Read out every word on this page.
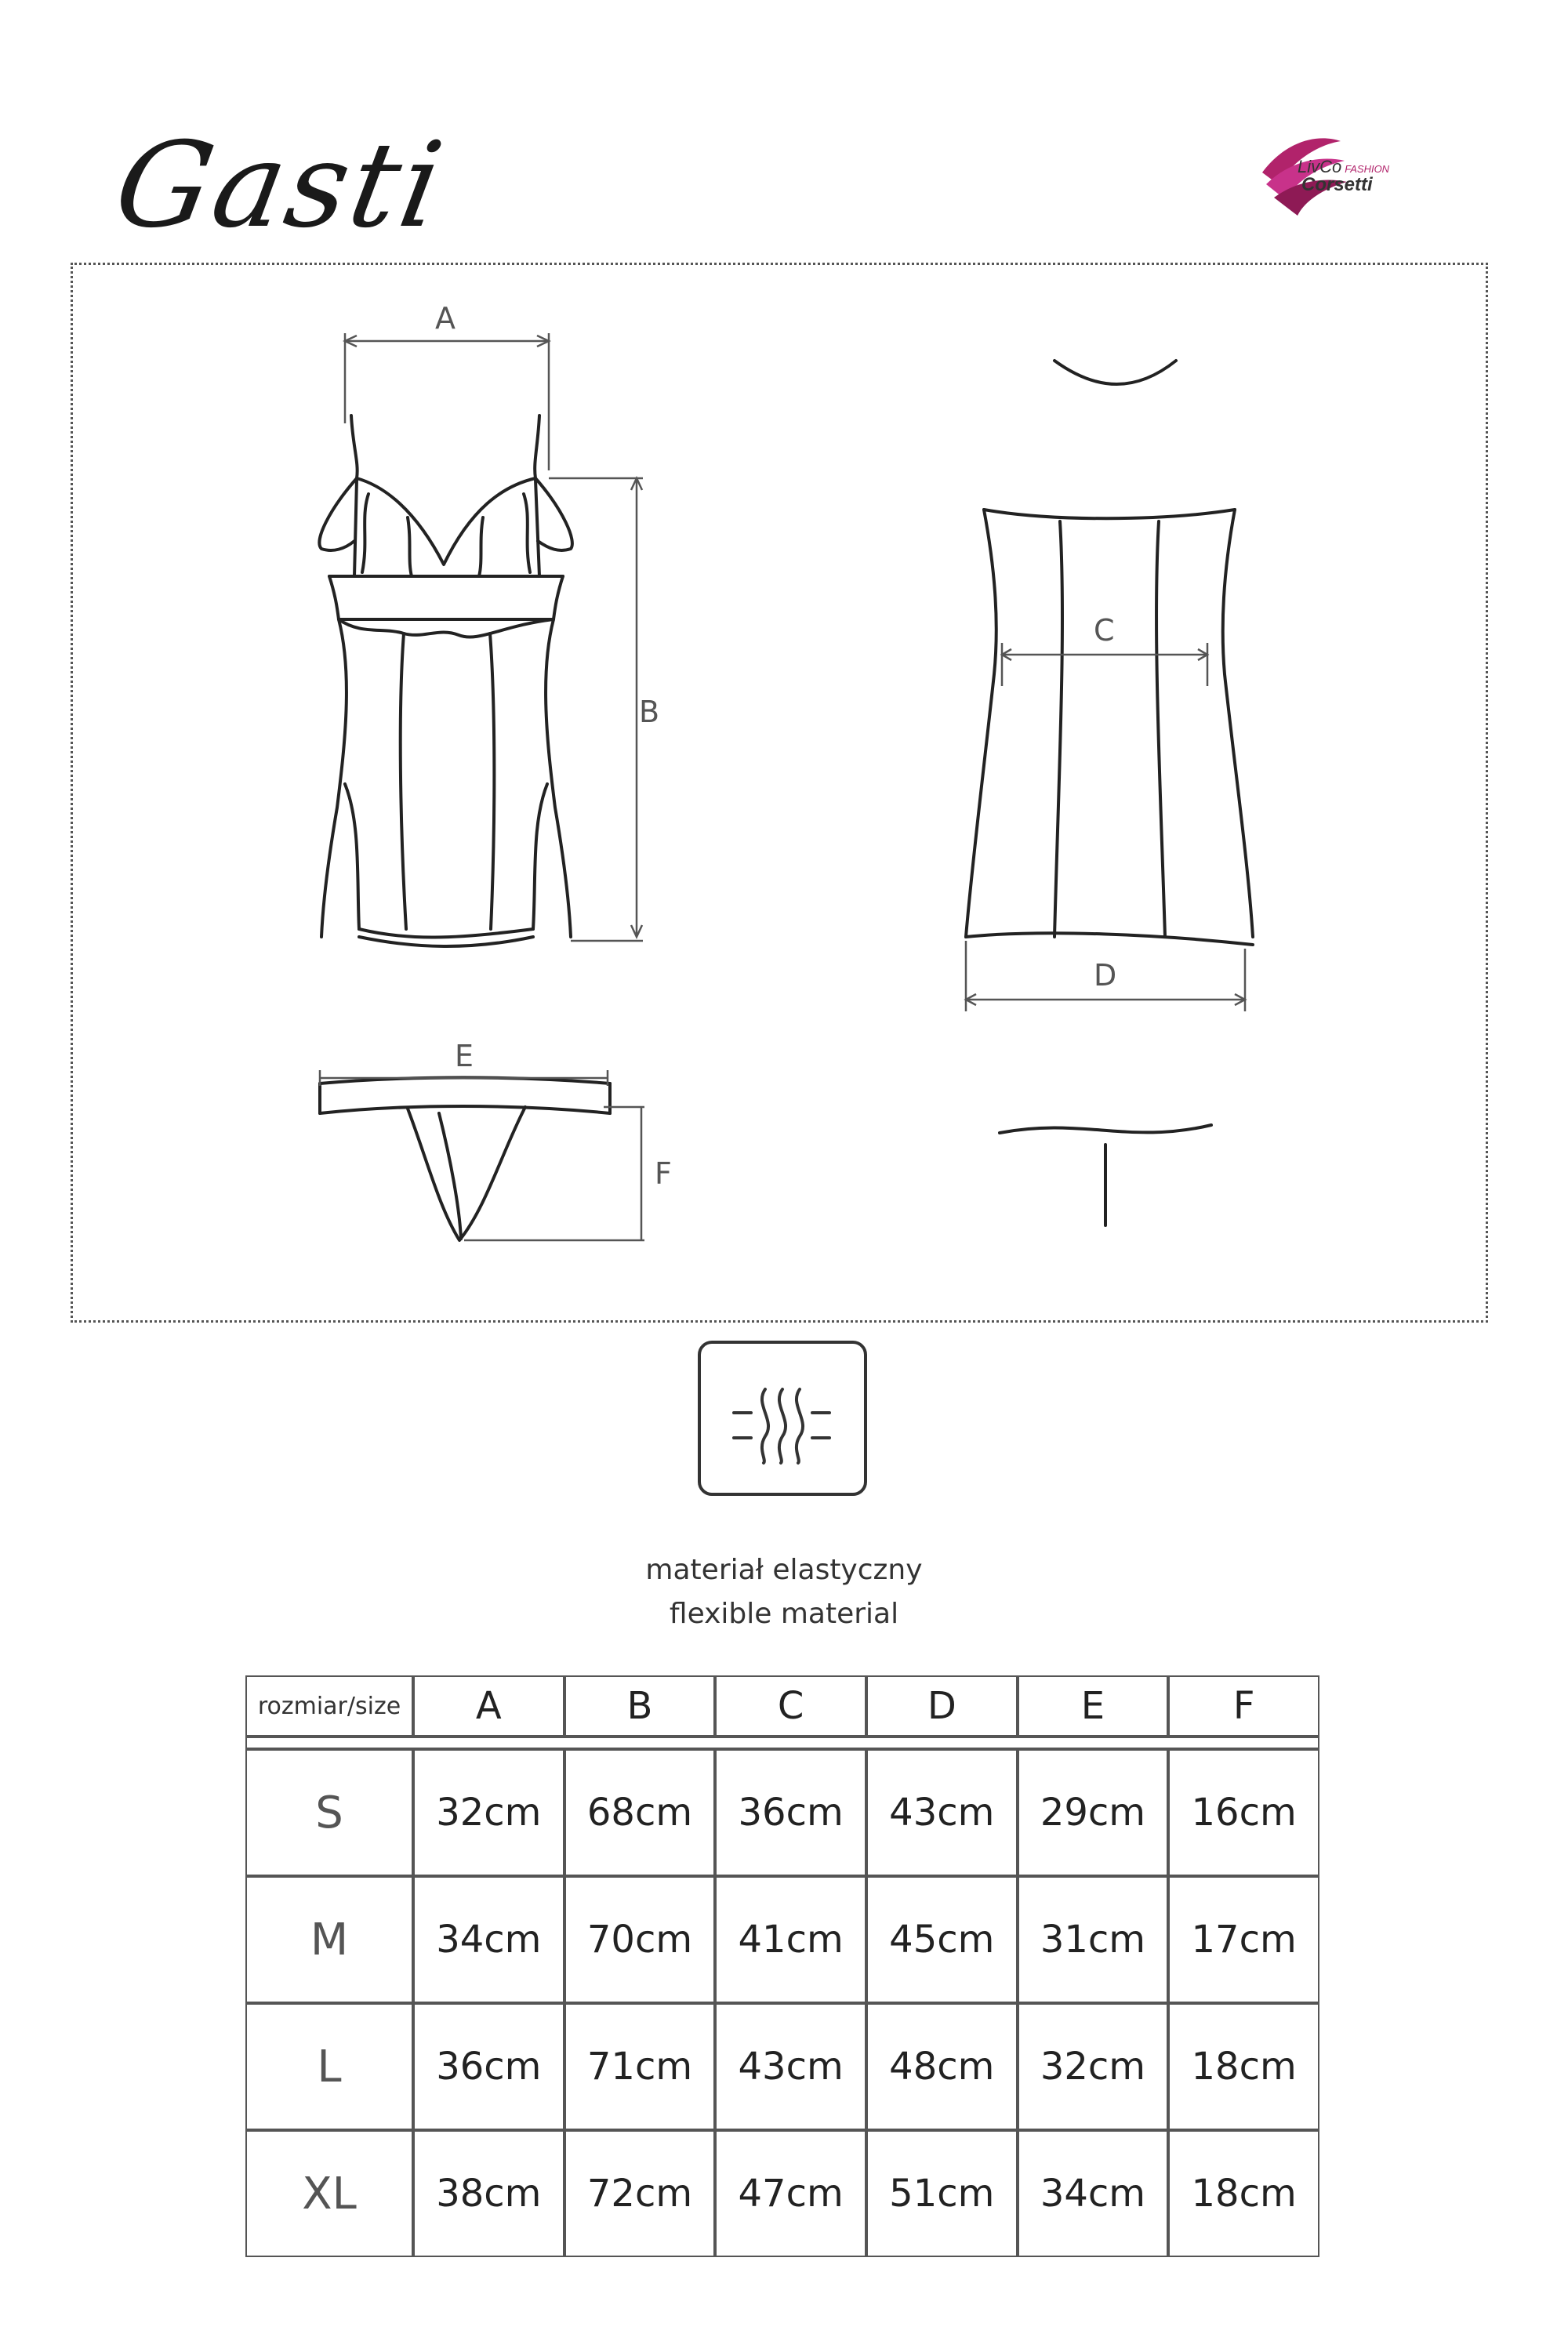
Gasti	LivCo FASHION
Corsetti
A
B
C
D
E
F
materiał elastyczny
flexible material
rozmiar/size	A	B	C	D	E	F

S	32cm	68cm	36cm	43cm	29cm	16cm
M	34cm	70cm	41cm	45cm	31cm	17cm
L	36cm	71cm	43cm	48cm	32cm	18cm
XL	38cm	72cm	47cm	51cm	34cm	18cm
